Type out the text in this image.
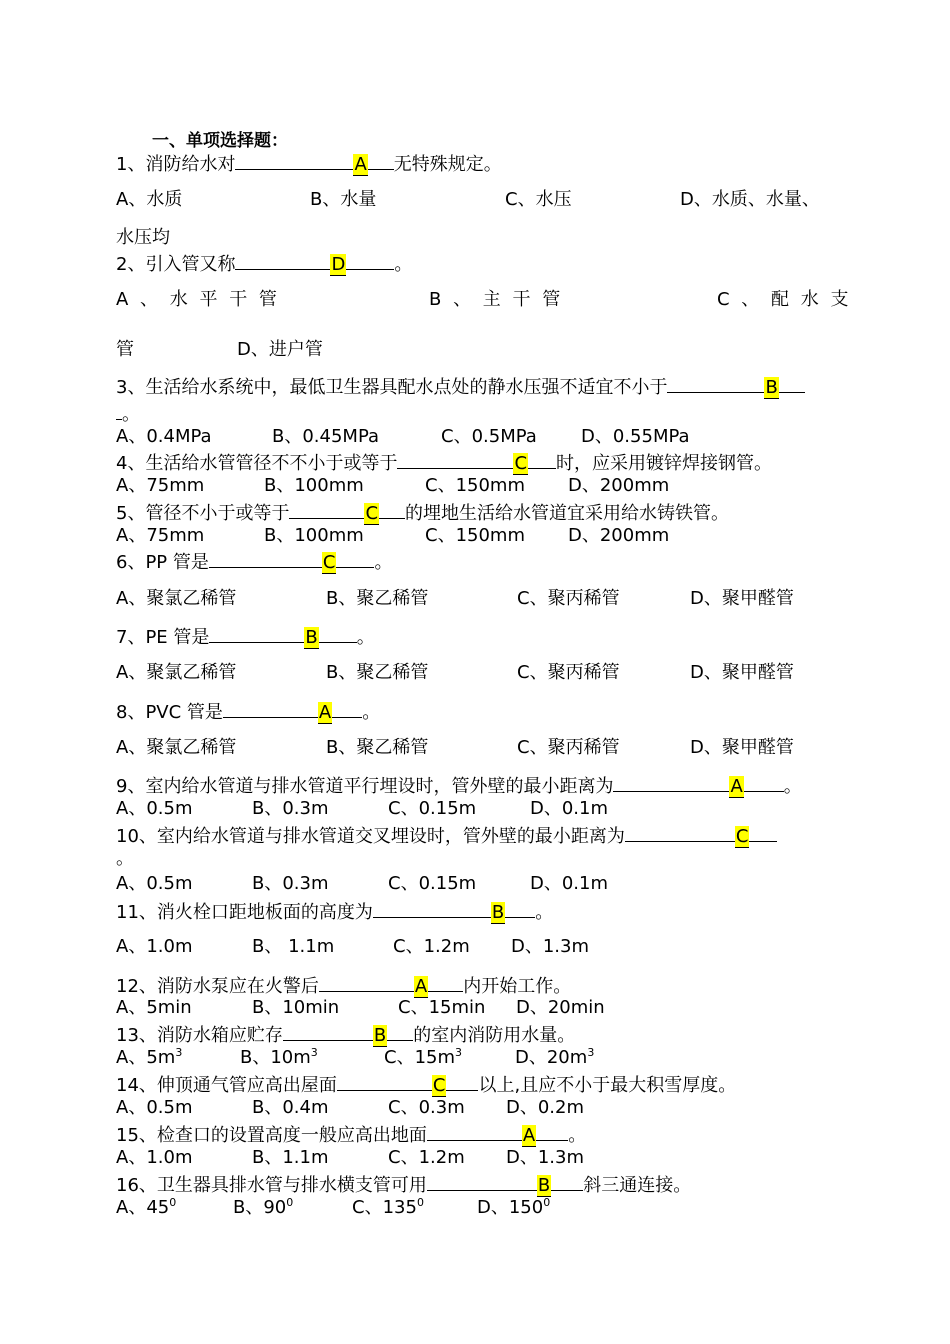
一、单项选择题：
1、消防给水对	A 无特殊规定。
A、水质	B、水量	C、水压	D、水质、水量、
水压均
2、引入管又称	D	。
A 、 水 平 干 管	B 、 主 干 管	C 、 配 水 支
管	D、进户管
3、生活给水系统中，最低卫生器具配水点处的静水压强不适宜不小于	B
。
A、0.4MPa	B、0.45MPa	C、0.5MPa D、0.55MPa
4、生活给水管管径不不小于或等于	C 时，应采用镀锌焊接钢管。
A、75mm	B、100mm	C、150mm D、200mm
5、管径不小于或等于	C 的埋地生活给水管道宜采用给水铸铁管。
A、75mm	B、100mm	C、150mm D、200mm
6、PP 管是	C 。
A、聚氯乙稀管	B、聚乙稀管	C、聚丙稀管	D、聚甲醛管
7、PE 管是	B 。
A、聚氯乙稀管	B、聚乙稀管	C、聚丙稀管	D、聚甲醛管
8、PVC 管是	A 。
A、聚氯乙稀管	B、聚乙稀管	C、聚丙稀管	D、聚甲醛管
9、室内给水管道与排水管道平行埋设时，管外壁的最小距离为	A 。
A、0.5m	B、0.3m	C、0.15m	D、0.1m
10、室内给水管道与排水管道交叉埋设时，管外壁的最小距离为	C
。
A、0.5m	B、0.3m	C、0.15m	D、0.1m
11、消火栓口距地板面的高度为	B 。
A、1.0m	B、 1.1m	C、1.2m D、1.3m
12、消防水泵应在火警后	A 内开始工作。
A、5min	B、10min	C、15min D、20min
13、消防水箱应贮存	B 的室内消防用水量。
A、$5m^3$	B、$10m^3$	C、$15m^3$	D、$20m^3$
14、伸顶通气管应高出屋面	C 以上,且应不小于最大积雪厚度。
A、0.5m	B、0.4m	C、0.3m D、0.2m
15、检查口的设置高度一般应高出地面	A 。
A、1.0m	B、1.1m	C、1.2m D、1.3m
16、卫生器具排水管与排水横支管可用	B 斜三通连接。
A、$45^0$	B、$90^0$	C、$135^0$	D、$150^0$
